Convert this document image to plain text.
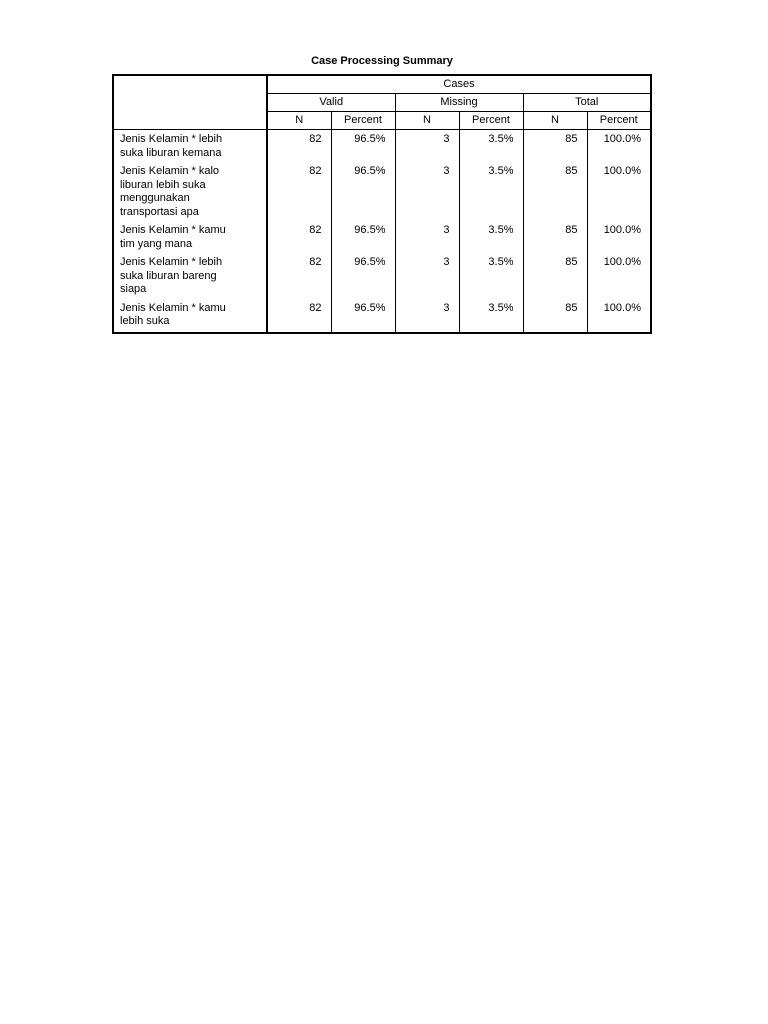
Case Processing Summary
	Cases					
	Valid		Missing		Total	
	N	Percent	N	Percent	N	Percent

Jenis Kelamin * lebih
suka liburan kemana	82	96.5%	3	3.5%	85	100.0%

Jenis Kelamin * kalo
liburan lebih suka
menggunakan
transportasi apa	82	96.5%	3	3.5%	85	100.0%

Jenis Kelamin * kamu
tim yang mana	82	96.5%	3	3.5%	85	100.0%

Jenis Kelamin * lebih
suka liburan bareng
siapa	82	96.5%	3	3.5%	85	100.0%

Jenis Kelamin * kamu
lebih suka	82	96.5%	3	3.5%	85	100.0%
